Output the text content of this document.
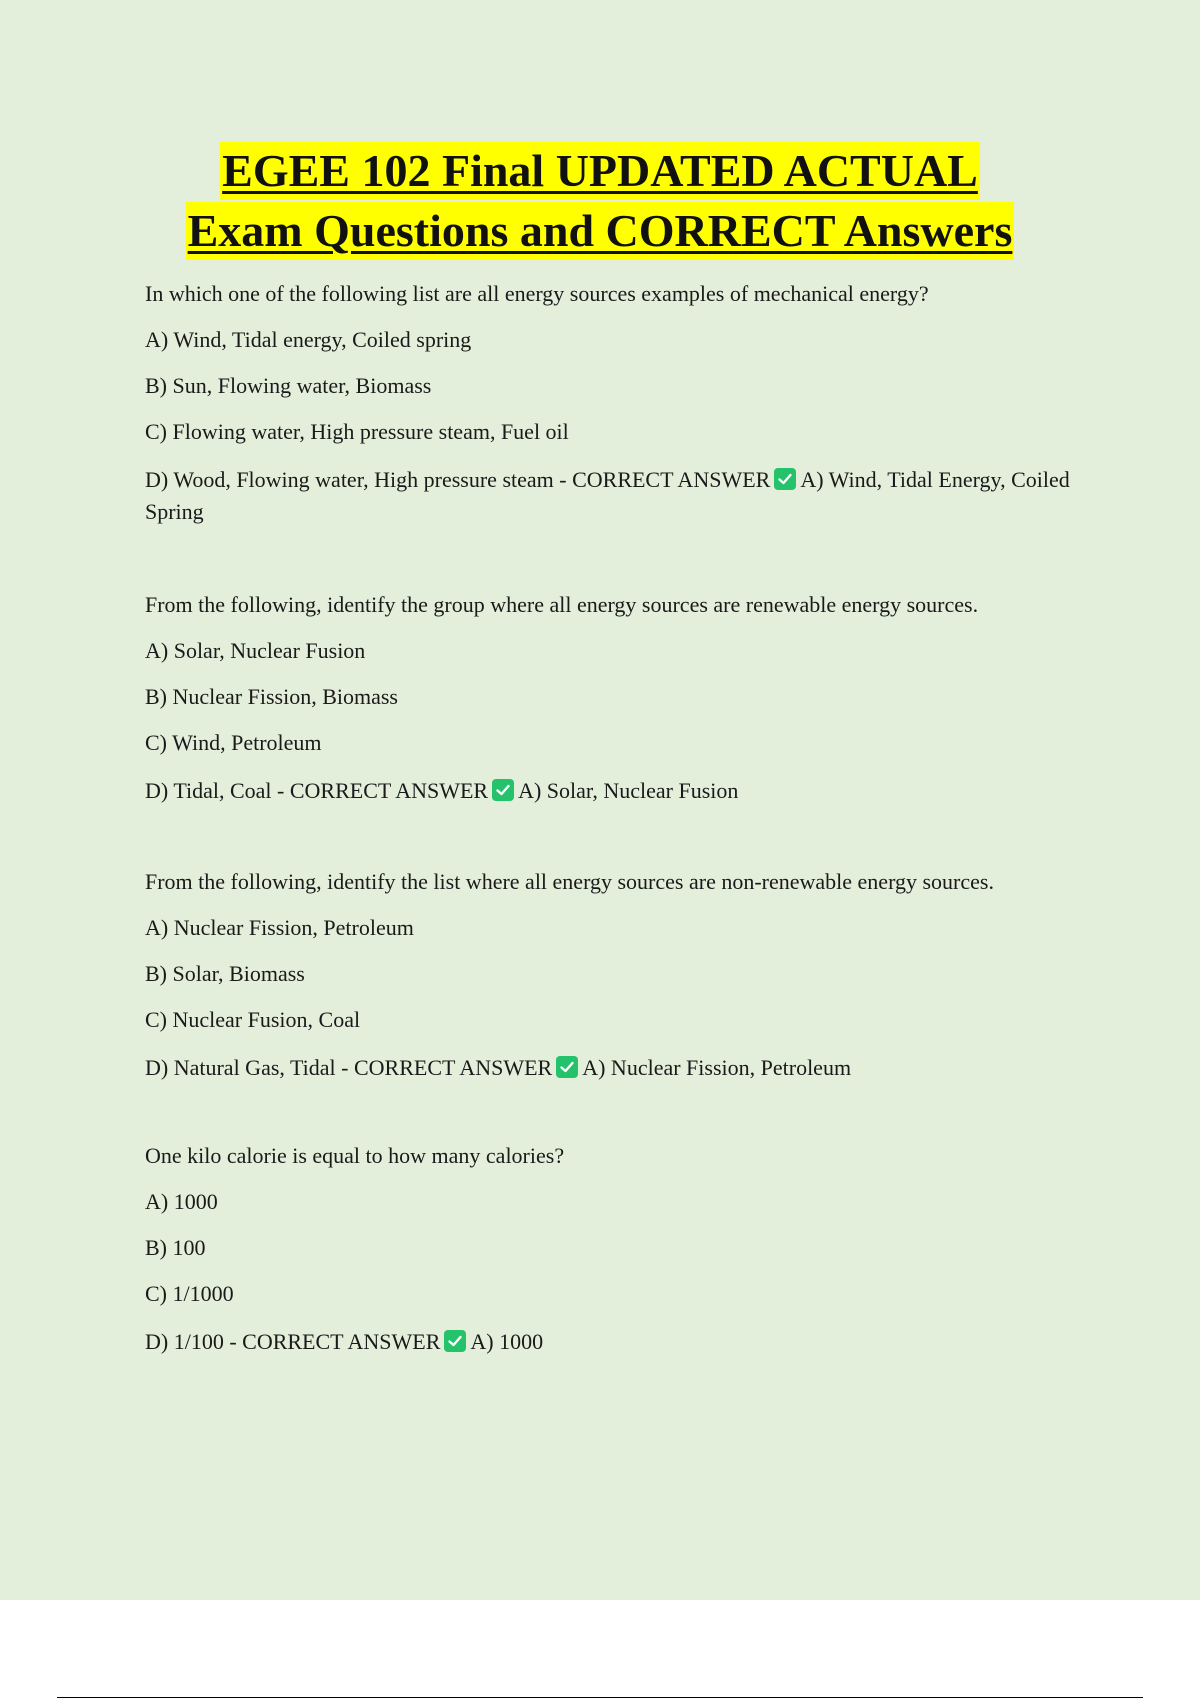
EGEE 102 Final UPDATED ACTUAL
Exam Questions and CORRECT Answers

In which one of the following list are all energy sources examples of mechanical energy?

A) Wind, Tidal energy, Coiled spring

B) Sun, Flowing water, Biomass

C) Flowing water, High pressure steam, Fuel oil

D) Wood, Flowing water, High pressure steam - CORRECT ANSWER A) Wind, Tidal Energy, Coiled Spring

From the following, identify the group where all energy sources are renewable energy sources.

A) Solar, Nuclear Fusion

B) Nuclear Fission, Biomass

C) Wind, Petroleum

D) Tidal, Coal - CORRECT ANSWER A) Solar, Nuclear Fusion

From the following, identify the list where all energy sources are non-renewable energy sources.

A) Nuclear Fission, Petroleum

B) Solar, Biomass

C) Nuclear Fusion, Coal

D) Natural Gas, Tidal - CORRECT ANSWER A) Nuclear Fission, Petroleum

One kilo calorie is equal to how many calories?

A) 1000

B) 100

C) 1/1000

D) 1/100 - CORRECT ANSWER A) 1000
